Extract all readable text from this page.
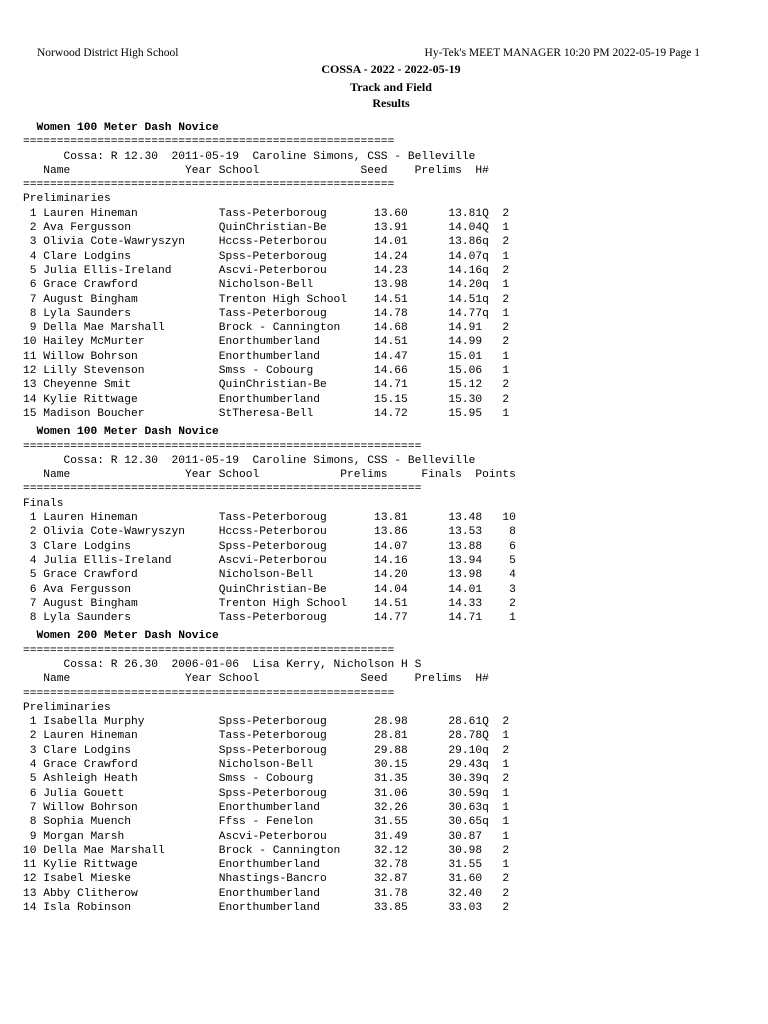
Norwood District High School	Hy-Tek's MEET MANAGER 10:20 PM 2022-05-19 Page 1
COSSA - 2022 - 2022-05-19
Track and Field
Results
Women 100 Meter Dash Novice
=======================================================
Cossa: R 12.30  2011-05-19  Caroline Simons, CSS - Belleville
Name                 Year School               Seed    Prelims  H#
=======================================================
Preliminaries
1 Lauren Hineman            Tass-Peterboroug       13.60      13.81Q  2
2 Ava Fergusson             QuinChristian-Be       13.91      14.04Q  1
3 Olivia Cote-Wawryszyn     Hccss-Peterborou       14.01      13.86q  2
4 Clare Lodgins             Spss-Peterboroug       14.24      14.07q  1
5 Julia Ellis-Ireland       Ascvi-Peterborou       14.23      14.16q  2
6 Grace Crawford            Nicholson-Bell         13.98      14.20q  1
7 August Bingham            Trenton High School    14.51      14.51q  2
8 Lyla Saunders             Tass-Peterboroug       14.78      14.77q  1
9 Della Mae Marshall        Brock - Cannington     14.68      14.91   2
10 Hailey McMurter           Enorthumberland        14.51      14.99   2
11 Willow Bohrson            Enorthumberland        14.47      15.01   1
12 Lilly Stevenson           Smss - Cobourg         14.66      15.06   1
13 Cheyenne Smit             QuinChristian-Be       14.71      15.12   2
14 Kylie Rittwage            Enorthumberland        15.15      15.30   2
15 Madison Boucher           StTheresa-Bell         14.72      15.95   1
Women 100 Meter Dash Novice
===========================================================
Cossa: R 12.30  2011-05-19  Caroline Simons, CSS - Belleville
Name                 Year School            Prelims     Finals  Points
===========================================================
Finals
1 Lauren Hineman            Tass-Peterboroug       13.81      13.48   10
2 Olivia Cote-Wawryszyn     Hccss-Peterborou       13.86      13.53    8
3 Clare Lodgins             Spss-Peterboroug       14.07      13.88    6
4 Julia Ellis-Ireland       Ascvi-Peterborou       14.16      13.94    5
5 Grace Crawford            Nicholson-Bell         14.20      13.98    4
6 Ava Fergusson             QuinChristian-Be       14.04      14.01    3
7 August Bingham            Trenton High School    14.51      14.33    2
8 Lyla Saunders             Tass-Peterboroug       14.77      14.71    1
Women 200 Meter Dash Novice
=======================================================
Cossa: R 26.30  2006-01-06  Lisa Kerry, Nicholson H S
Name                 Year School               Seed    Prelims  H#
=======================================================
Preliminaries
1 Isabella Murphy           Spss-Peterboroug       28.98      28.61Q  2
2 Lauren Hineman            Tass-Peterboroug       28.81      28.78Q  1
3 Clare Lodgins             Spss-Peterboroug       29.88      29.10q  2
4 Grace Crawford            Nicholson-Bell         30.15      29.43q  1
5 Ashleigh Heath            Smss - Cobourg         31.35      30.39q  2
6 Julia Gouett              Spss-Peterboroug       31.06      30.59q  1
7 Willow Bohrson            Enorthumberland        32.26      30.63q  1
8 Sophia Muench             Ffss - Fenelon         31.55      30.65q  1
9 Morgan Marsh              Ascvi-Peterborou       31.49      30.87   1
10 Della Mae Marshall        Brock - Cannington     32.12      30.98   2
11 Kylie Rittwage            Enorthumberland        32.78      31.55   1
12 Isabel Mieske             Nhastings-Bancro       32.87      31.60   2
13 Abby Clitherow            Enorthumberland        31.78      32.40   2
14 Isla Robinson             Enorthumberland        33.85      33.03   2
